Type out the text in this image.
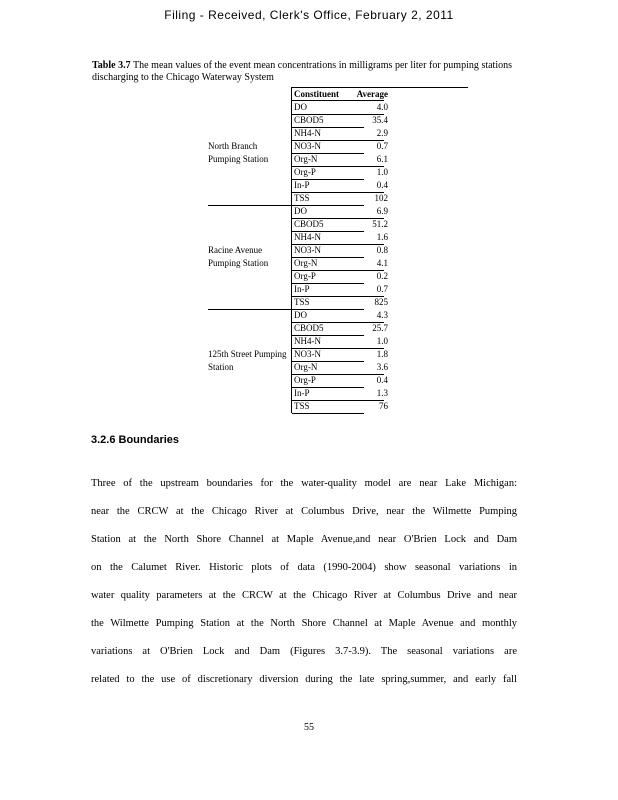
Filing - Received, Clerk's Office, February 2, 2011
Table 3.7 The mean values of the event mean concentrations in milligrams per liter for pumping stations discharging to the Chicago Waterway System
Constituent Average
DO	4.0
CBOD5	35.4
NH4-N	2.9
NO3-N	0.7
Org-N	6.1
Org-P	1.0
In-P	0.4
TSS	102
North Branch Pumping Station
DO	6.9
CBOD5	51.2
NH4-N	1.6
NO3-N	0.8
Org-N	4.1
Org-P	0.2
In-P	0.7
TSS	825
Racine Avenue Pumping Station
DO	4.3
CBOD5	25.7
NH4-N	1.0
NO3-N	1.8
Org-N	3.6
Org-P	0.4
In-P	1.3
TSS	76
125th Street Pumping Station
3.2.6 Boundaries
Three of the upstream boundaries for the water-quality model are near Lake Michigan:
near the CRCW at the Chicago River at Columbus Drive, near the Wilmette Pumping
Station at the North Shore Channel at Maple Avenue,and near O'Brien Lock and Dam
on the Calumet River. Historic plots of data (1990-2004) show seasonal variations in
water quality parameters at the CRCW at the Chicago River at Columbus Drive and near
the Wilmette Pumping Station at the North Shore Channel at Maple Avenue and monthly
variations at O'Brien Lock and Dam (Figures 3.7-3.9). The seasonal variations are
related to the use of discretionary diversion during the late spring,summer, and early fall
55
